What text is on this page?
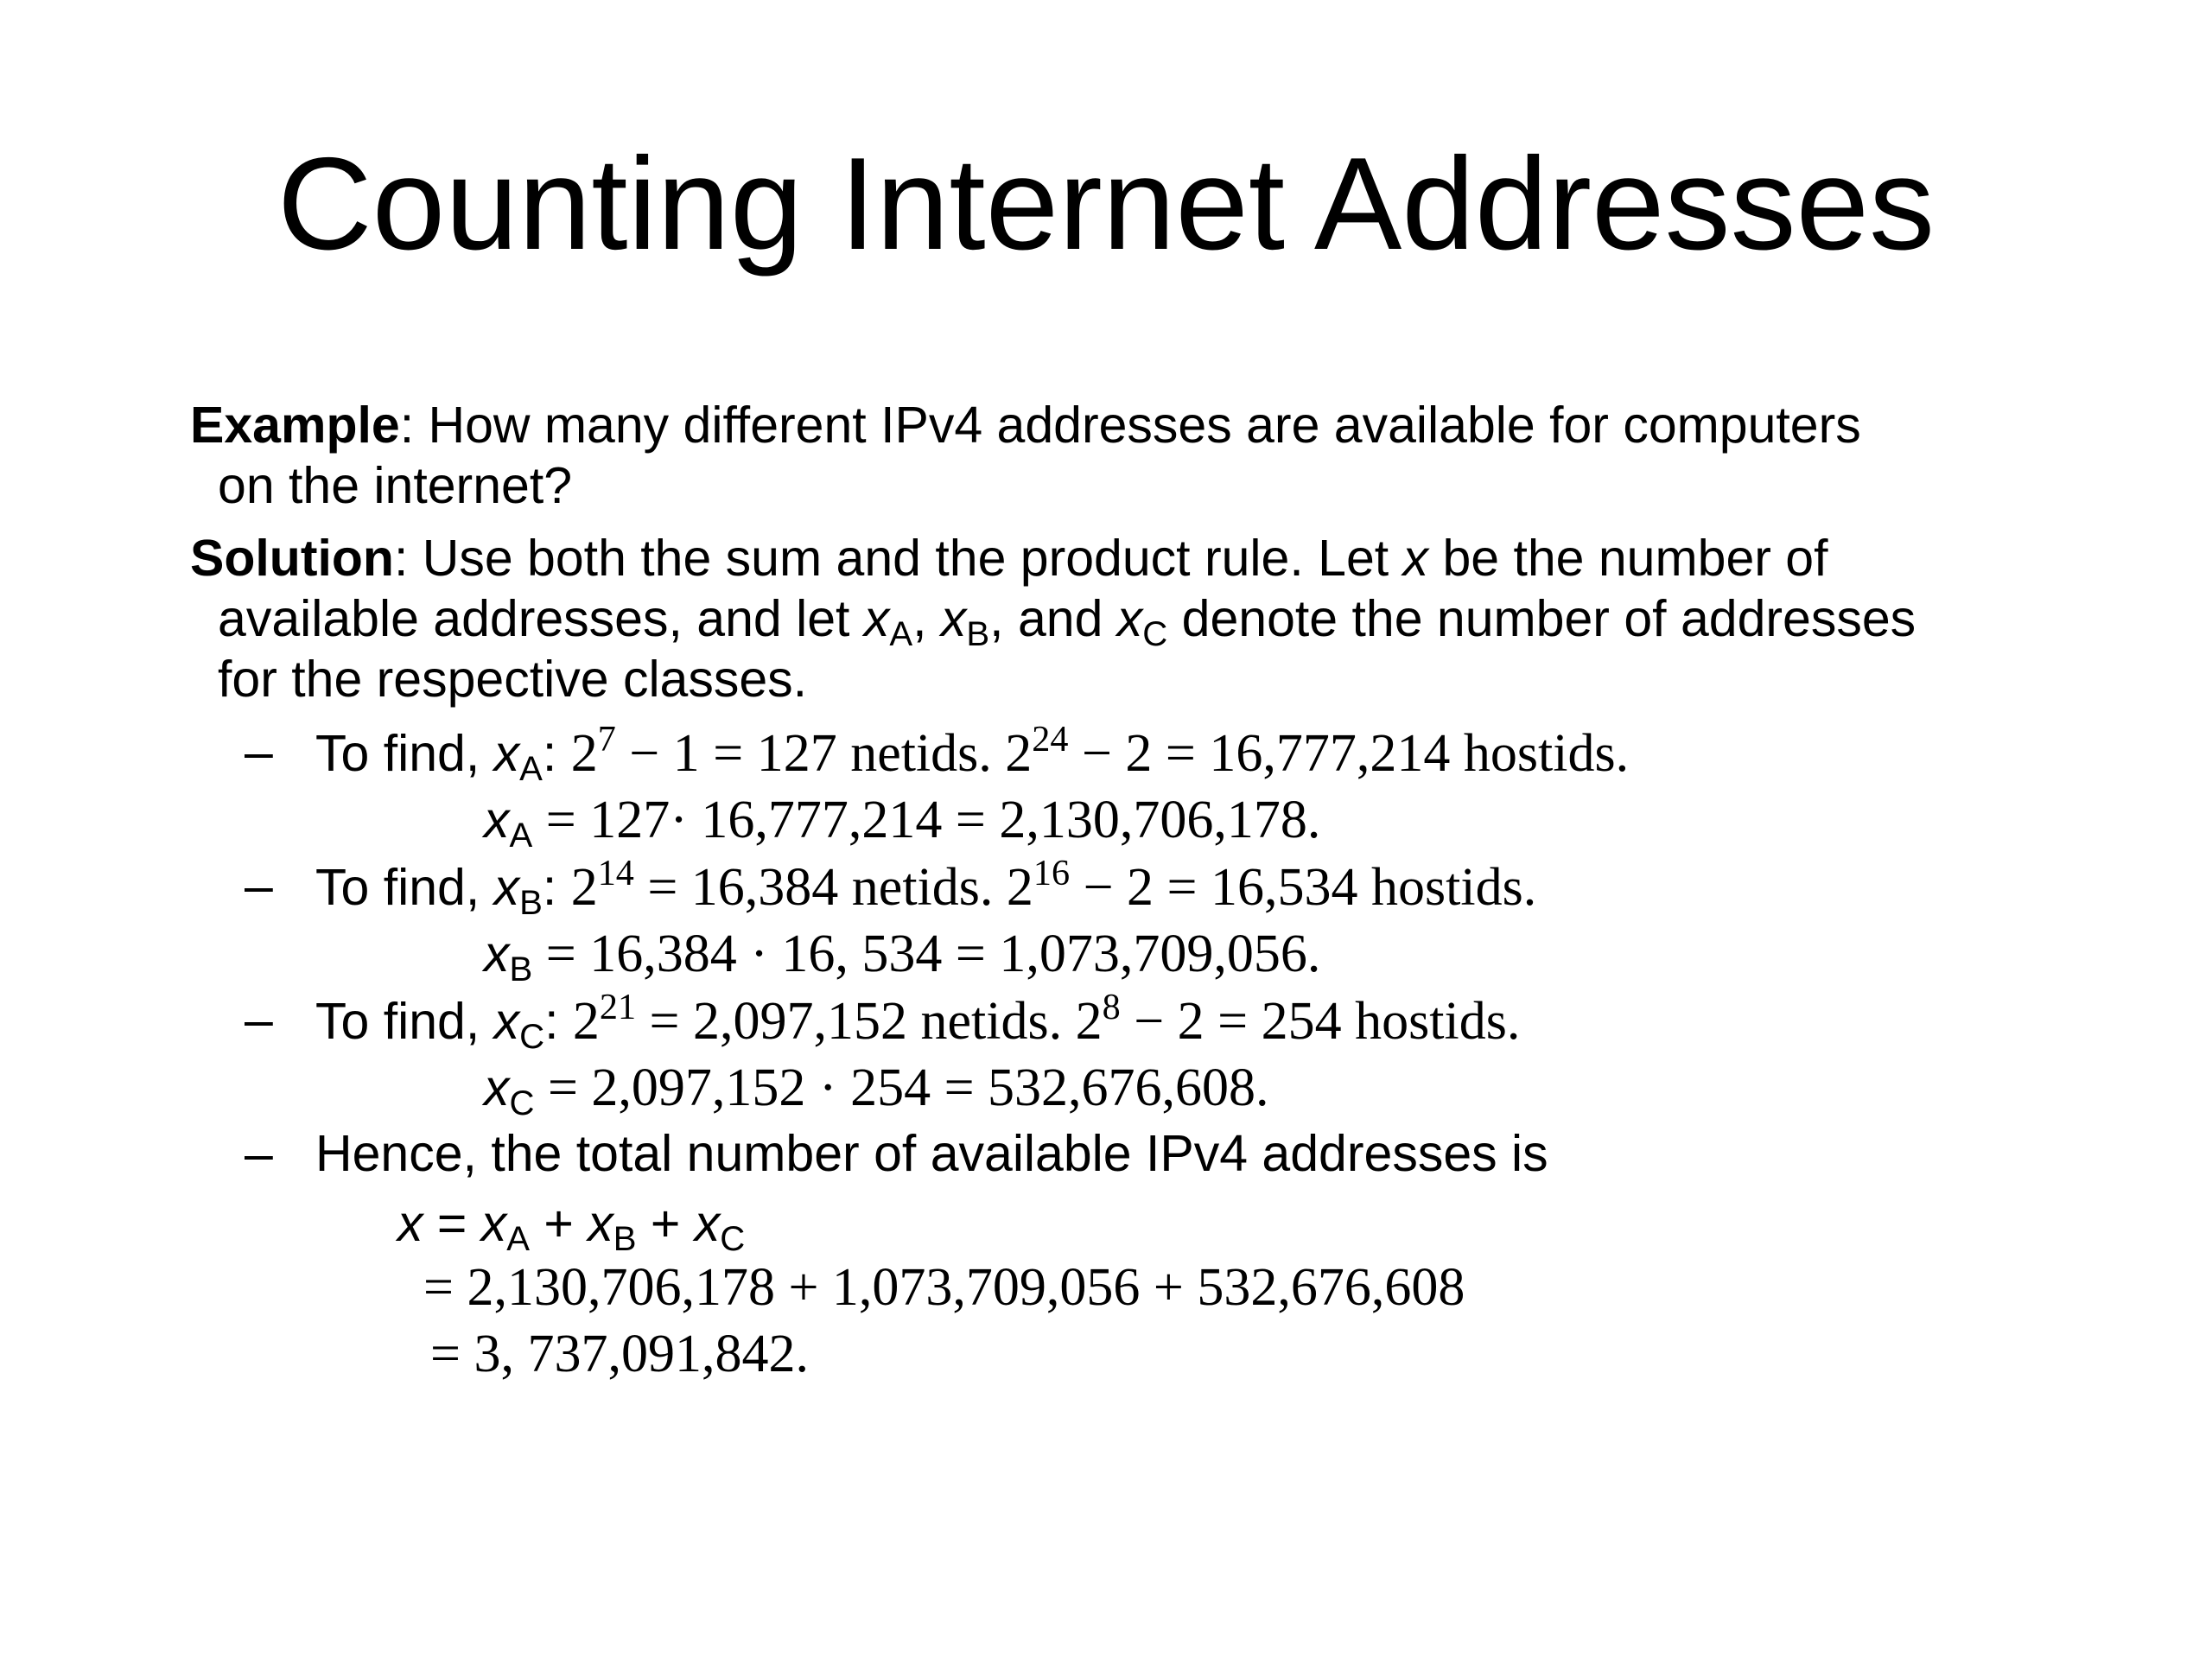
Counting Internet Addresses
Example: How many different IPv4 addresses are available for computers
on the internet?
Solution: Use both the sum and the product rule. Let x be the number of
available addresses, and let $x_A$, $x_B$, and $x_C$ denote the number of addresses
for the respective classes.
– To find, $x_A$: $2^7 - 1 = 127$ netids. $2^{24} - 2 = 16,777,214$ hostids.
$x_A = 127\cdot 16,777,214 = 2,130,706,178$.
– To find, $x_B$: $2^{14} = 16,384$ netids. $2^{16} - 2 = 16,534$ hostids.
$x_B = 16,384 \cdot 16$, 534 = 1,073,709,056.
– To find, $x_C$: $2^{21} = 2,097,152$ netids. $2^8 - 2 = 254$ hostids.
$x_C = 2,097,152 \cdot 254 = 532,676,608$.
– Hence, the total number of available IPv4 addresses is
$x = x_A + x_B + x_C$
= 2,130,706,178 + 1,073,709,056 + 532,676,608
= 3, 737,091,842.
